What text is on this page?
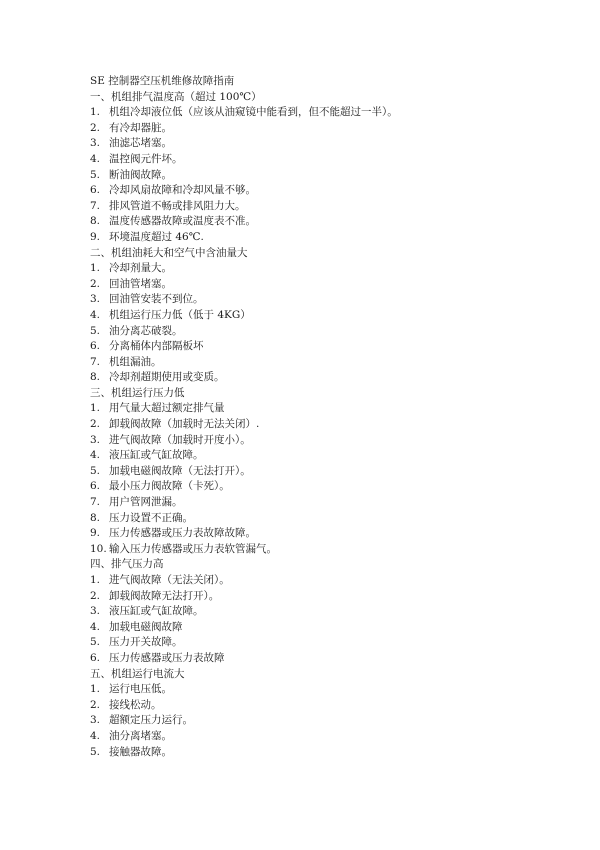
SE 控制器空压机维修故障指南
一、机组排气温度高（超过 100℃）
1. 机组冷却液位低（应该从油窥镜中能看到，但不能超过一半）。
2. 有冷却器脏。
3. 油滤芯堵塞。
4. 温控阀元件坏。
5. 断油阀故障。
6. 冷却风扇故障和冷却风量不够。
7. 排风管道不畅或排风阻力大。
8. 温度传感器故障或温度表不准。
9. 环境温度超过 46℃.
二、机组油耗大和空气中含油量大
1. 冷却剂量大。
2. 回油管堵塞。
3. 回油管安装不到位。
4. 机组运行压力低（低于 4KG）
5. 油分离芯破裂。
6. 分离桶体内部隔板坏
7. 机组漏油。
8. 冷却剂超期使用或变质。
三、机组运行压力低
1. 用气量大超过额定排气量
2. 卸载阀故障（加载时无法关闭）.
3. 进气阀故障（加载时开度小）。
4. 液压缸或气缸故障。
5. 加载电磁阀故障（无法打开）。
6. 最小压力阀故障（卡死）。
7. 用户管网泄漏。
8. 压力设置不正确。
9. 压力传感器或压力表故障故障。
10. 输入压力传感器或压力表软管漏气。
四、排气压力高
1. 进气阀故障（无法关闭）。
2. 卸载阀故障无法打开）。
3. 液压缸或气缸故障。
4. 加载电磁阀故障
5. 压力开关故障。
6. 压力传感器或压力表故障
五、机组运行电流大
1. 运行电压低。
2. 接线松动。
3. 超额定压力运行。
4. 油分离堵塞。
5. 接触器故障。
